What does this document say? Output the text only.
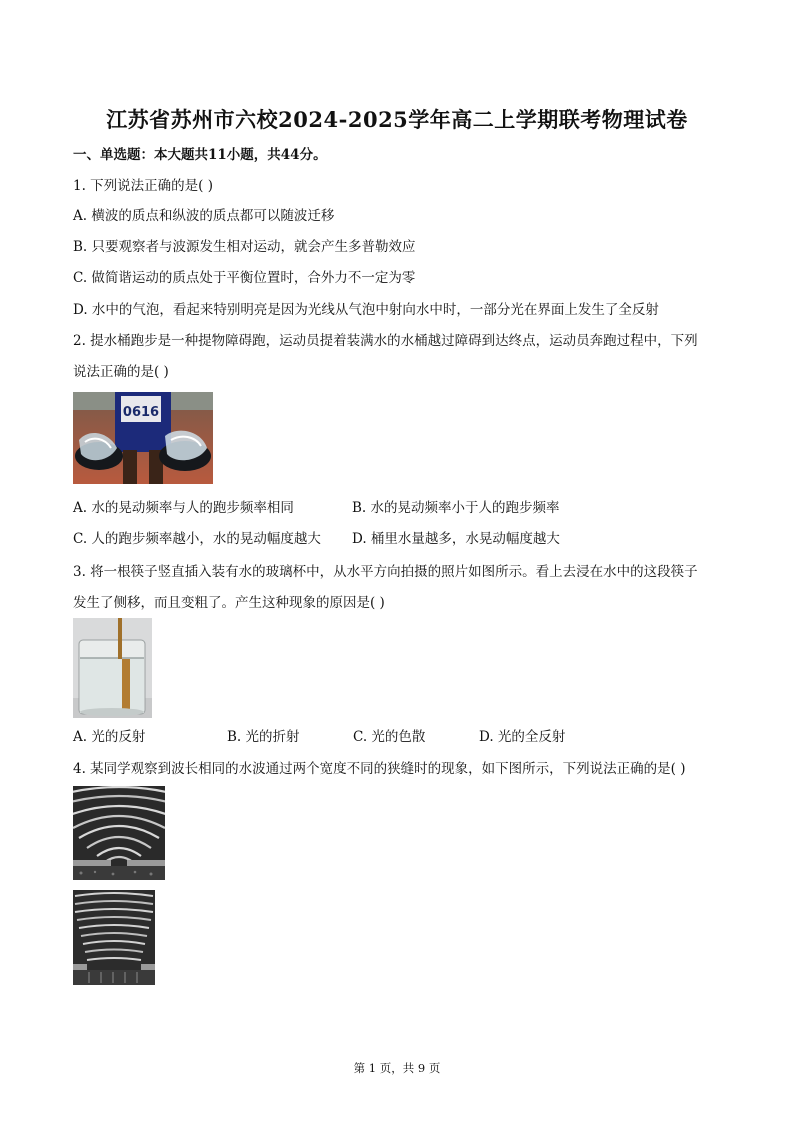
江苏省苏州市六校2024-2025学年高二上学期联考物理试卷
一、单选题：本大题共11小题，共44分。
1. 下列说法正确的是( )
A. 横波的质点和纵波的质点都可以随波迁移
B. 只要观察者与波源发生相对运动，就会产生多普勒效应
C. 做简谐运动的质点处于平衡位置时，合外力不一定为零
D. 水中的气泡，看起来特别明亮是因为光线从气泡中射向水中时，一部分光在界面上发生了全反射
2. 提水桶跑步是一种提物障碍跑，运动员提着装满水的水桶越过障碍到达终点，运动员奔跑过程中，下列
说法正确的是( )
0616
A. 水的晃动频率与人的跑步频率相同	B. 水的晃动频率小于人的跑步频率
C. 人的跑步频率越小，水的晃动幅度越大 D. 桶里水量越多，水晃动幅度越大
3. 将一根筷子竖直插入装有水的玻璃杯中，从水平方向拍摄的照片如图所示。看上去浸在水中的这段筷子
发生了侧移，而且变粗了。产生这种现象的原因是( )
A. 光的反射	B. 光的折射	C. 光的色散	D. 光的全反射
4. 某同学观察到波长相同的水波通过两个宽度不同的狭缝时的现象，如下图所示，下列说法正确的是( )
第 1 页，共 9 页
